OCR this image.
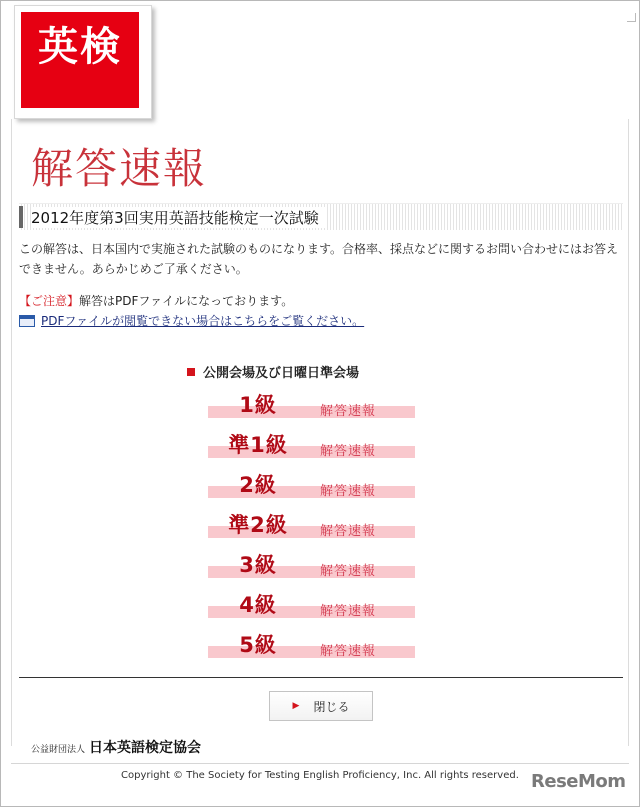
英検
解答速報
2012年度第3回実用英語技能検定一次試験
この解答は、日本国内で実施された試験のものになります。合格率、採点などに関するお問い合わせにはお答えできません。あらかじめご了承ください。
【ご注意】解答はPDFファイルになっております。
PDFファイルが閲覧できない場合はこちらをご覧ください。
公開会場及び日曜日準会場
1級	解答速報
準1級	解答速報
2級	解答速報
準2級	解答速報
3級	解答速報
4級	解答速報
5級	解答速報
▶ 閉じる
公益財団法人 日本英語検定協会
Copyright © The Society for Testing English Proficiency, Inc. All rights reserved. ReseMom
